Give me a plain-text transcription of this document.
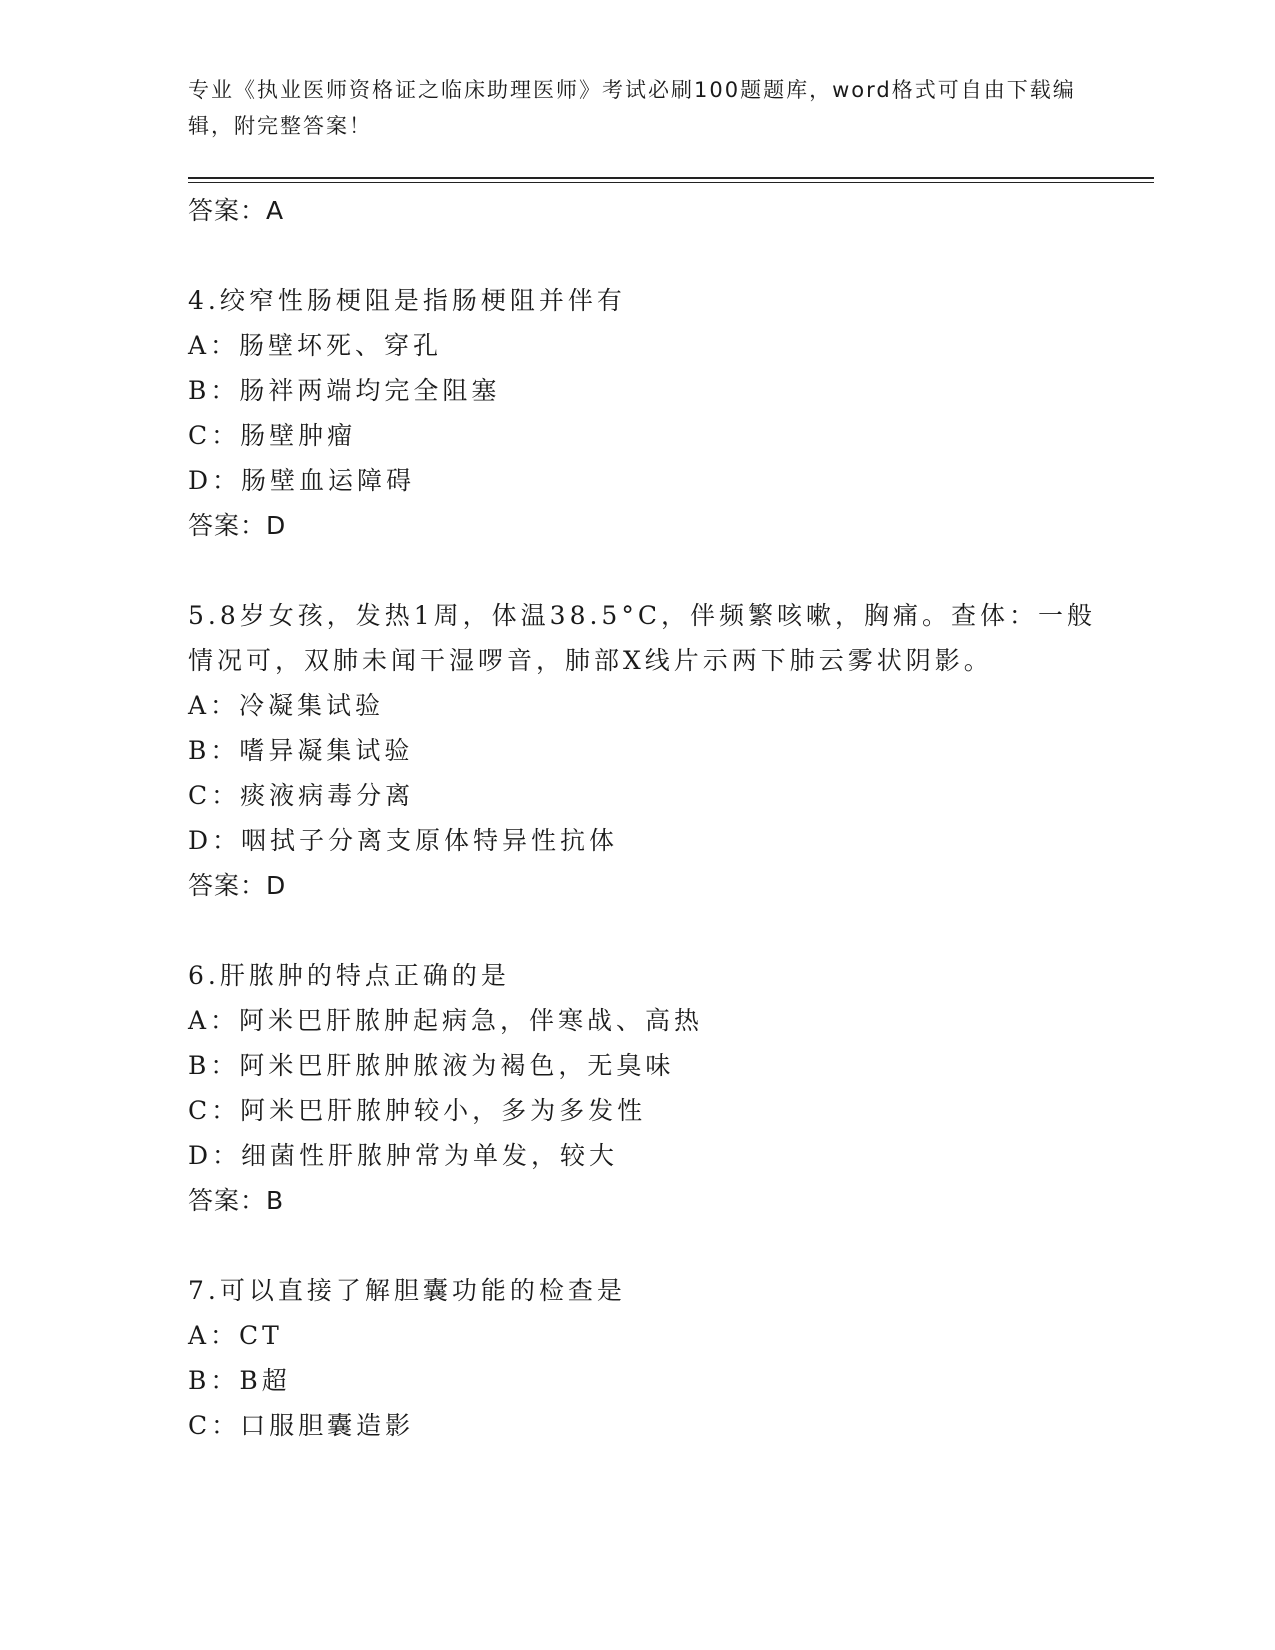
专业《执业医师资格证之临床助理医师》考试必刷100题题库，word格式可自由下载编辑，附完整答案！
答案：A
4.绞窄性肠梗阻是指肠梗阻并伴有
A：肠壁坏死、穿孔
B：肠袢两端均完全阻塞
C：肠壁肿瘤
D：肠壁血运障碍
答案：D
5.8岁女孩，发热1周，体温38.5°C，伴频繁咳嗽，胸痛。查体：一般情况可，双肺未闻干湿啰音，肺部X线片示两下肺云雾状阴影。
A：冷凝集试验
B：嗜异凝集试验
C：痰液病毒分离
D：咽拭子分离支原体特异性抗体
答案：D
6.肝脓肿的特点正确的是
A：阿米巴肝脓肿起病急，伴寒战、高热
B：阿米巴肝脓肿脓液为褐色，无臭味
C：阿米巴肝脓肿较小，多为多发性
D：细菌性肝脓肿常为单发，较大
答案：B
7.可以直接了解胆囊功能的检查是
A：CT
B：B超
C：口服胆囊造影
